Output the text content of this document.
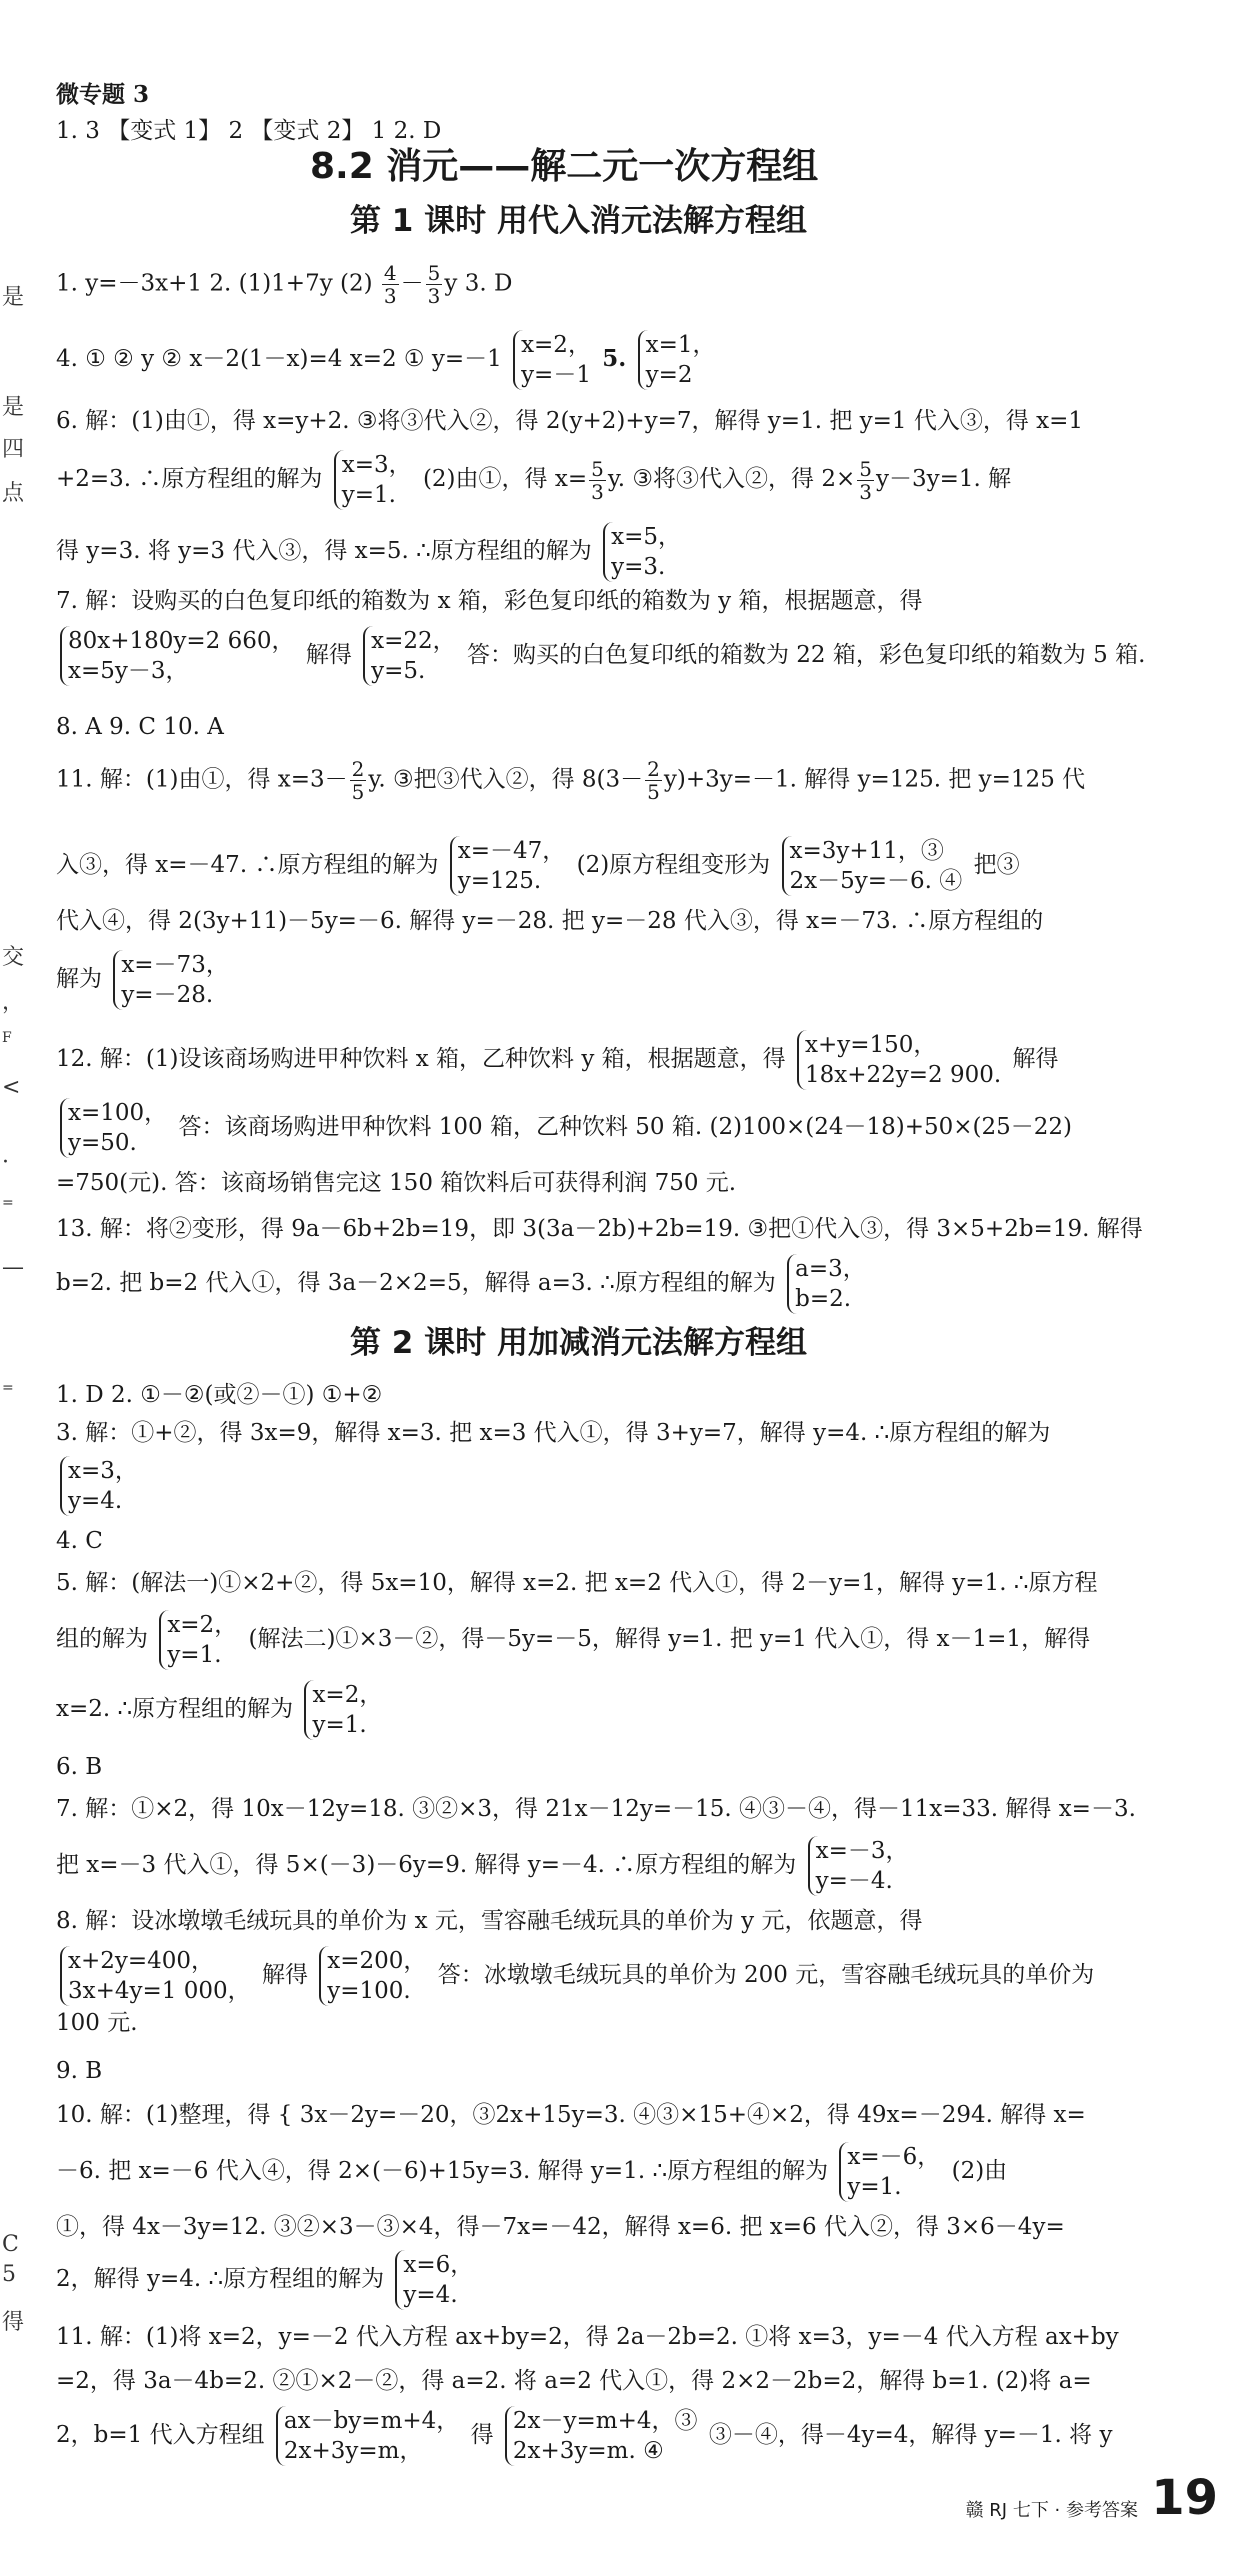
是
是
四
点
交
，
F
<
·
=
—
=
C
5
得
微专题 3
1. 3 【变式 1】 2 【变式 2】 1 2. D
8.2 消元——解二元一次方程组
第 1 课时 用代入消元法解方程组
1. y=－3x+1 2. (1)1+7y $(2) \frac{4}{3} - \frac{5}{3}$ y 3. D
4. ① ② y ② x－2(1－x)=4 x=2 ① y=－1
x=2，
y=－1
5. x=1，
y=2
6. 解：(1)由①，得 x=y+2. ③将③代入②，得 2(y+2)+y=7，解得 y=1. 把 y=1 代入③，得 x=1
+2=3. ∴原方程组的解为
x=3，
y=1.
(2)由①，得 $x= \frac{5}{3} y$. ③将③代入②，得 $2\times \frac{5}{3} y-3y=1$. 解
得 y=3. 将 y=3 代入③，得 x=5. ∴原方程组的解为
x=5，
y=3.
7. 解：设购买的白色复印纸的箱数为 x 箱，彩色复印纸的箱数为 y 箱，根据题意，得
80x+180y=2 660，
x=5y－3，
解得
x=22，
y=5.
答：购买的白色复印纸的箱数为 22 箱，彩色复印纸的箱数为 5 箱.
8. A 9. C 10. A
11. 解：(1)由①，得 $x=3- \frac{2}{5} y$. ③把③代入②，得 $8(3- \frac{2}{5} y)+3y=-1$. 解得 y=125. 把 y=125 代
入③，得 x=－47. ∴原方程组的解为
x=－47，
y=125.
(2)原方程组变形为
x=3y+11，③
2x－5y=－6. ④
把③
代入④，得 2(3y+11)－5y=－6. 解得 y=－28. 把 y=－28 代入③，得 x=－73. ∴原方程组的
解为
x=－73，
y=－28.
12. 解：(1)设该商场购进甲种饮料 x 箱，乙种饮料 y 箱，根据题意，得
x+y=150，
18x+22y=2 900.
解得
x=100，
y=50.
答：该商场购进甲种饮料 100 箱，乙种饮料 50 箱. (2)100×(24－18)+50×(25－22)
=750(元). 答：该商场销售完这 150 箱饮料后可获得利润 750 元.
13. 解：将②变形，得 9a－6b+2b=19，即 3(3a－2b)+2b=19. ③把①代入③，得 3×5+2b=19. 解得
b=2. 把 b=2 代入①，得 3a－2×2=5，解得 a=3. ∴原方程组的解为
a=3，
b=2.
第 2 课时 用加减消元法解方程组
1. D 2. ①－②(或②－①) ①+②
3. 解：①+②，得 3x=9，解得 x=3. 把 x=3 代入①，得 3+y=7，解得 y=4. ∴原方程组的解为
x=3，
y=4.
4. C
5. 解：(解法一)①×2+②，得 5x=10，解得 x=2. 把 x=2 代入①，得 2－y=1，解得 y=1. ∴原方程
组的解为
x=2，
y=1.
(解法二)①×3－②，得－5y=－5，解得 y=1. 把 y=1 代入①，得 x－1=1，解得
x=2. ∴原方程组的解为
x=2，
y=1.
6. B
7. 解：①×2，得 10x－12y=18. ③②×3，得 21x－12y=－15. ④③－④，得－11x=33. 解得 x=－3.
把 x=－3 代入①，得 5×(－3)－6y=9. 解得 y=－4. ∴原方程组的解为
x=－3，
y=－4.
8. 解：设冰墩墩毛绒玩具的单价为 x 元，雪容融毛绒玩具的单价为 y 元，依题意，得
x+2y=400，
3x+4y=1 000，
解得
x=200，
y=100.
答：冰墩墩毛绒玩具的单价为 200 元，雪容融毛绒玩具的单价为
100 元.
9. B
10. 解：(1)整理，得 { 3x－2y=－20，③2x+15y=3. ④③×15+④×2，得 49x=－294. 解得 x=
－6. 把 x=－6 代入④，得 2×(－6)+15y=3. 解得 y=1. ∴原方程组的解为
x=－6，
y=1.
(2)由
①，得 4x－3y=12. ③②×3－③×4，得－7x=－42，解得 x=6. 把 x=6 代入②，得 3×6－4y=
2，解得 y=4. ∴原方程组的解为
x=6，
y=4.
11. 解：(1)将 x=2，y=－2 代入方程 ax+by=2，得 2a－2b=2. ①将 x=3，y=－4 代入方程 ax+by
=2，得 3a－4b=2. ②①×2－②，得 a=2. 将 a=2 代入①，得 2×2－2b=2，解得 b=1. (2)将 a=
2，b=1 代入方程组
ax－by=m+4，
2x+3y=m，
得
2x－y=m+4，③
2x+3y=m. ④
③－④，得－4y=4，解得 y=－1. 将 y
赣 RJ 七下 · 参考答案 19
